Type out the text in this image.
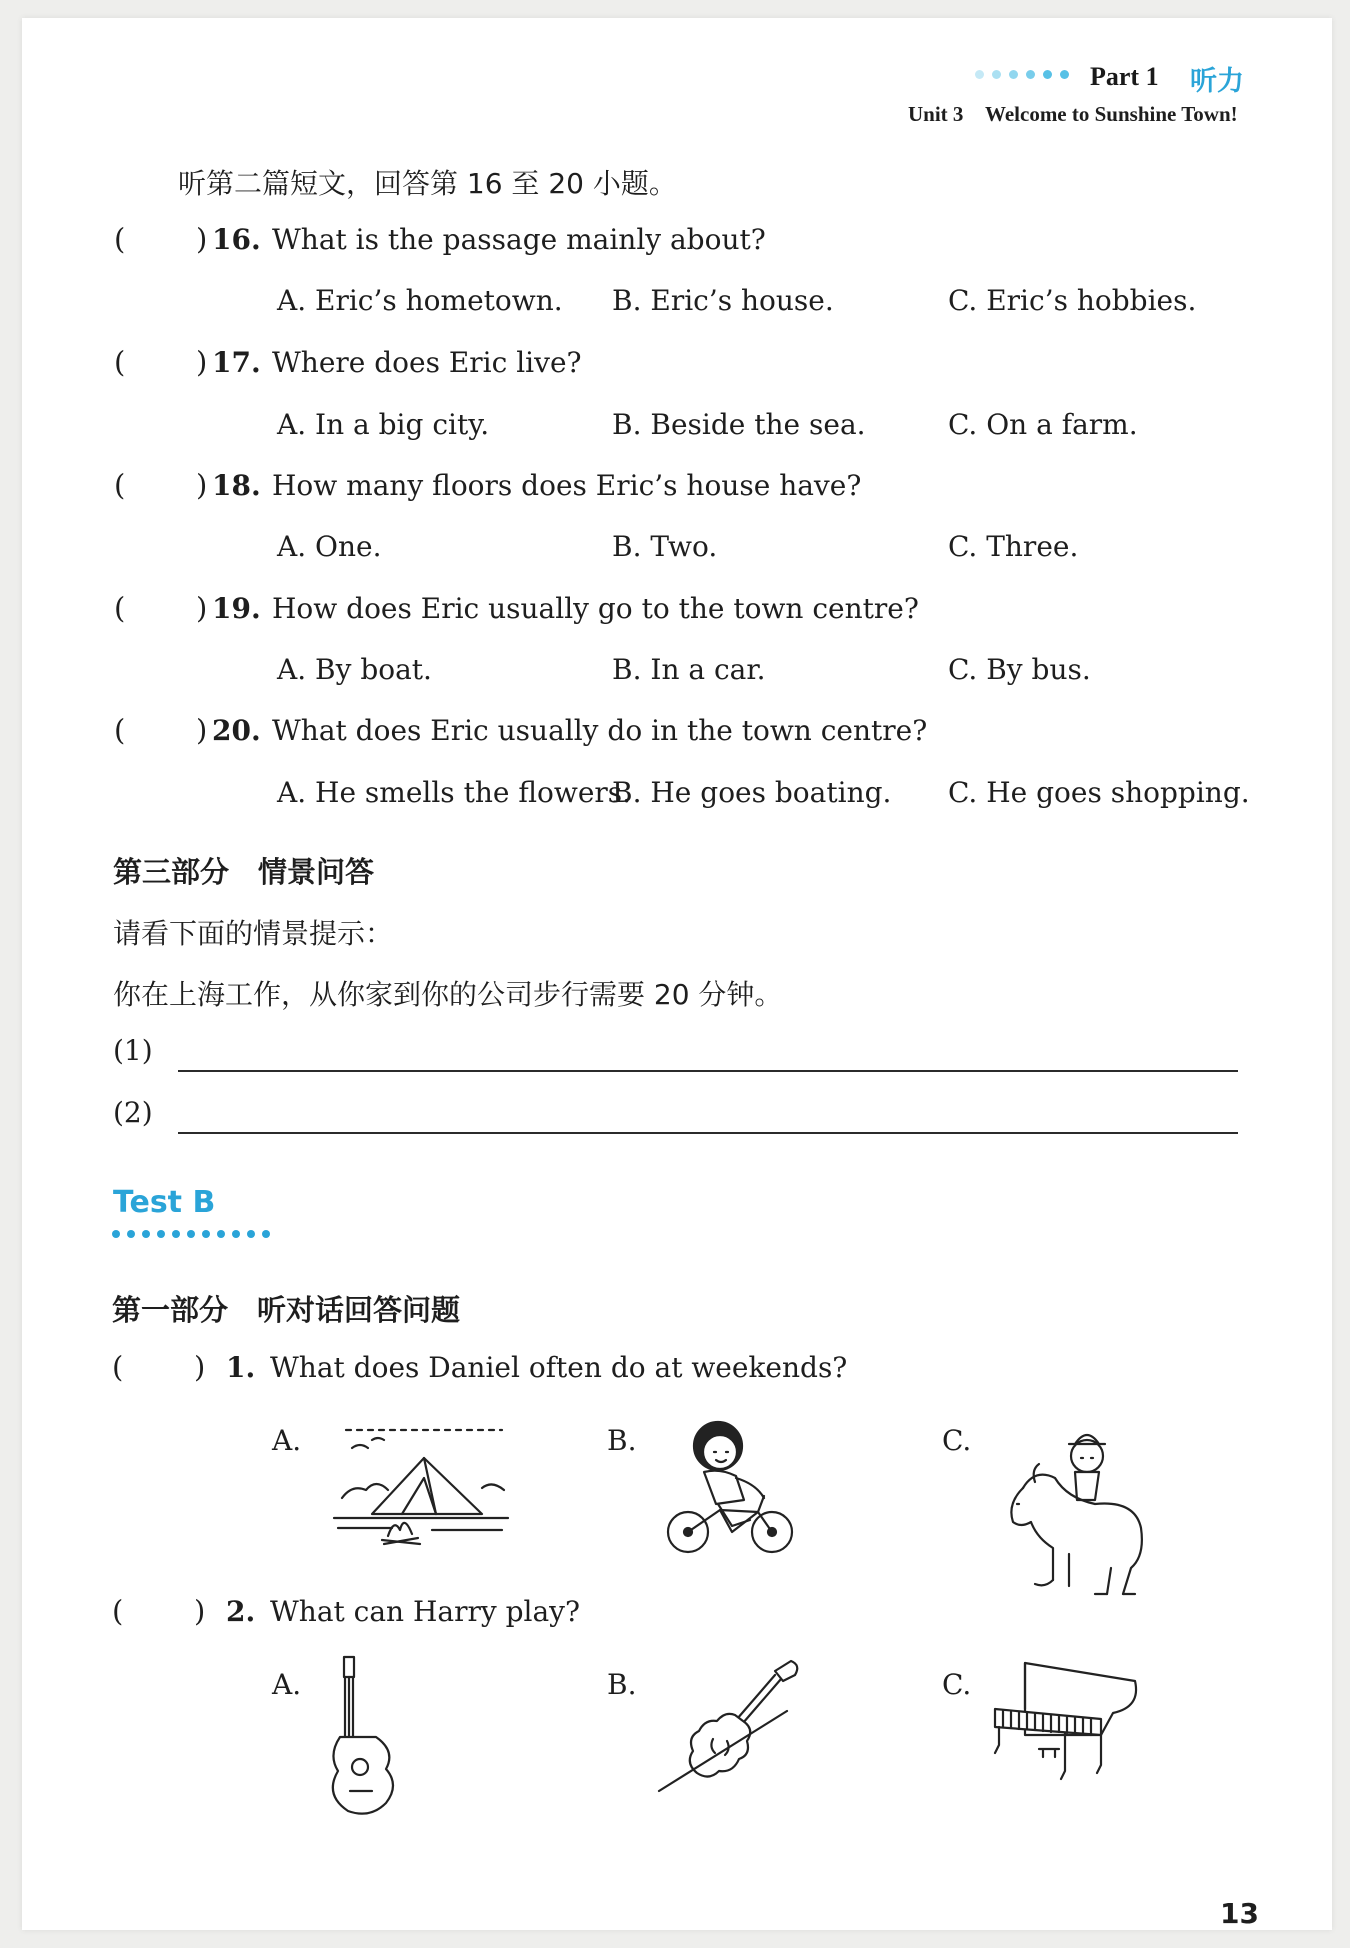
Part 1 听力
Unit 3 Welcome to Sunshine Town!
听第二篇短文，回答第 16 至 20 小题。
( ) 16. What is the passage mainly about?
A. Eric’s hometown. B. Eric’s house.	C. Eric’s hobbies.
( ) 17. Where does Eric live?
A. In a big city.	B. Beside the sea.	C. On a farm.
( ) 18. How many floors does Eric’s house have?
A. One.	B. Two.	C. Three.
( ) 19. How does Eric usually go to the town centre?
A. By boat.	B. In a car.	C. By bus.
( ) 20. What does Eric usually do in the town centre?
A. He smells the flowers.
B. He goes boating. C. He goes shopping.
第三部分　情景问答
请看下面的情景提示：
你在上海工作，从你家到你的公司步行需要 20 分钟。
(1)
(2)
Test B
第一部分　听对话回答问题
( ) 1. What does Daniel often do at weekends?
A.	B.	C.
( ) 2. What can Harry play?
A.	B.	C.
13
